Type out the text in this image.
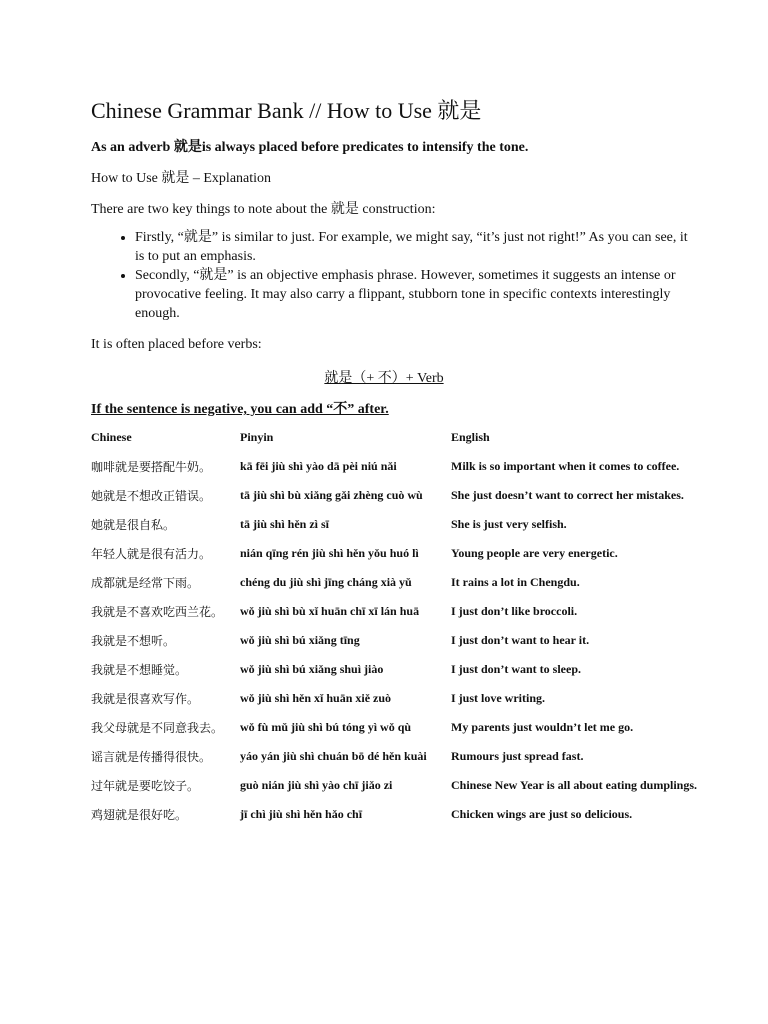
Chinese Grammar Bank // How to Use 就是
As an adverb 就是is always placed before predicates to intensify the tone.
How to Use 就是 – Explanation
There are two key things to note about the 就是 construction:
• Firstly, “就是” is similar to just. For example, we might say, “it’s just not right!” As you can see, it is to put an emphasis.
• Secondly, “就是” is an objective emphasis phrase. However, sometimes it suggests an intense or provocative feeling. It may also carry a flippant, stubborn tone in specific contexts interestingly enough.
It is often placed before verbs:
就是（+ 不）+ Verb
If the sentence is negative, you can add “不” after.
Chinese	Pinyin	English
咖啡就是要搭配牛奶。	kā fēi jiù shì yào dā pèi niú nǎi	Milk is so important when it comes to coffee.
她就是不想改正错误。	tā jiù shì bù xiǎng gǎi zhèng cuò wù	She just doesn’t want to correct her mistakes.
她就是很自私。	tā jiù shì hěn zì sī	She is just very selfish.
年轻人就是很有活力。	nián qīng rén jiù shì hěn yǒu huó lì	Young people are very energetic.
成都就是经常下雨。	chéng du jiù shì jīng cháng xià yǔ	It rains a lot in Chengdu.
我就是不喜欢吃西兰花。	wǒ jiù shì bù xǐ huān chī xī lán huā	I just don’t like broccoli.
我就是不想听。	wǒ jiù shì bú xiǎng tīng	I just don’t want to hear it.
我就是不想睡觉。	wǒ jiù shì bú xiǎng shuì jiào	I just don’t want to sleep.
我就是很喜欢写作。	wǒ jiù shì hěn xǐ huān xiě zuò	I just love writing.
我父母就是不同意我去。	wǒ fù mǔ jiù shì bú tóng yì wǒ qù	My parents just wouldn’t let me go.
谣言就是传播得很快。	yáo yán jiù shì chuán bō dé hěn kuài	Rumours just spread fast.
过年就是要吃饺子。	guò nián jiù shì yào chī jiǎo zi	Chinese New Year is all about eating dumplings.
鸡翅就是很好吃。	jī chì jiù shì hěn hǎo chī	Chicken wings are just so delicious.
